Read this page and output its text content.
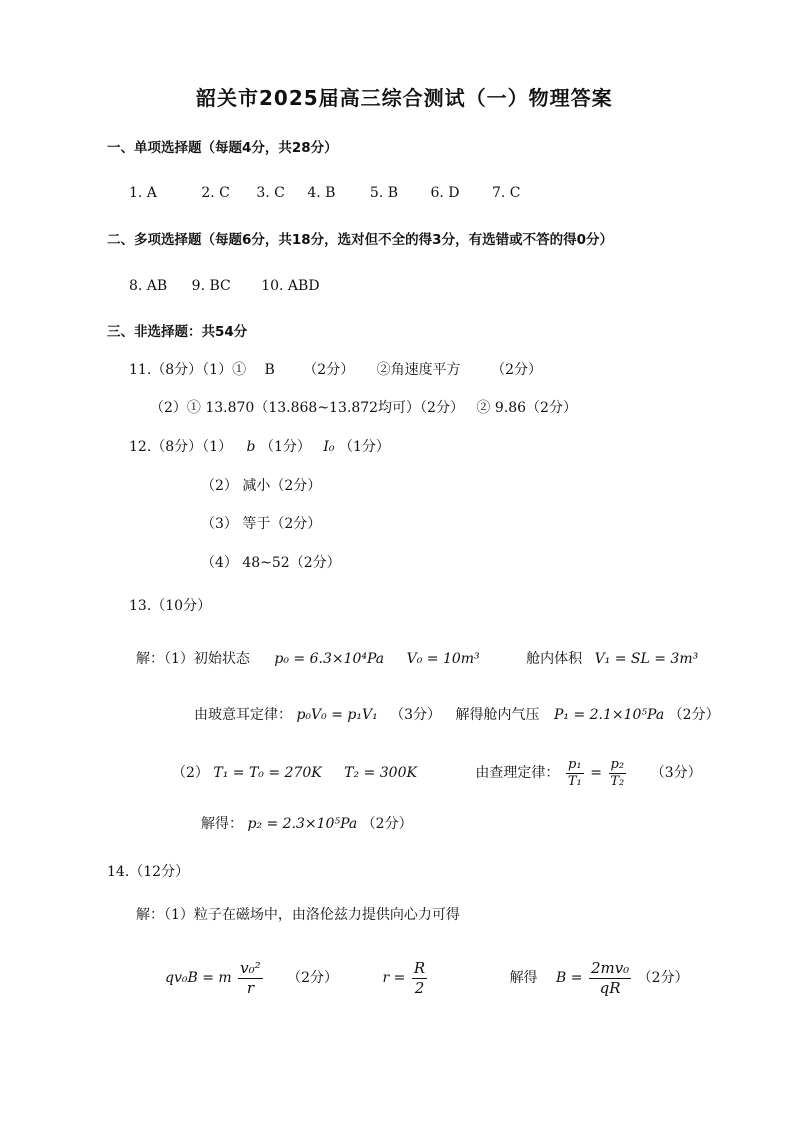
韶关市2025届高三综合测试（一）物理答案
一、单项选择题（每题4分，共28分）
1. A	2. C 3. C 4. B 5. B 6. D 7. C
二、多项选择题（每题6分，共18分，选对但不全的得3分，有选错或不答的得0分）
8. AB 9. BC 10. ABD
三、非选择题：共54分
11.（8分）（1）① B （2分） ②角速度平方 （2分）
（2）① 13.870（13.868~13.872均可）（2分） ② 9.86（2分）
12.（8分）（1） b （1分） I₀ （1分）
（2） 减小（2分）
（3） 等于（2分）
（4） 48~52（2分）
13.（10分）
解：（1）初始状态 p₀ = 6.3×10⁴Pa V₀ = 10m³	舱内体积 V₁ = SL = 3m³
由玻意耳定律： p₀V₀ = p₁V₁ （3分） 解得舱内气压 P₁ = 2.1×10⁵Pa （2分）
（2） T₁ = T₀ = 270K T₂ = 300K	由查理定律： $\frac{\text{p₁}}{\text{T₁}} = \frac{\text{p₂}}{\text{T₂}} (3$分）
解得： p₂ = 2.3×10⁵Pa （2分）
14.（12分）
解：（1）粒子在磁场中，由洛伦兹力提供向心力可得
qv₀B = m $\frac{\text{v₀²}}{r} (2$分）	$r = \frac{R}{2}$	解得 $B = \frac{\text{2mv₀}}{qR} (2$分）
